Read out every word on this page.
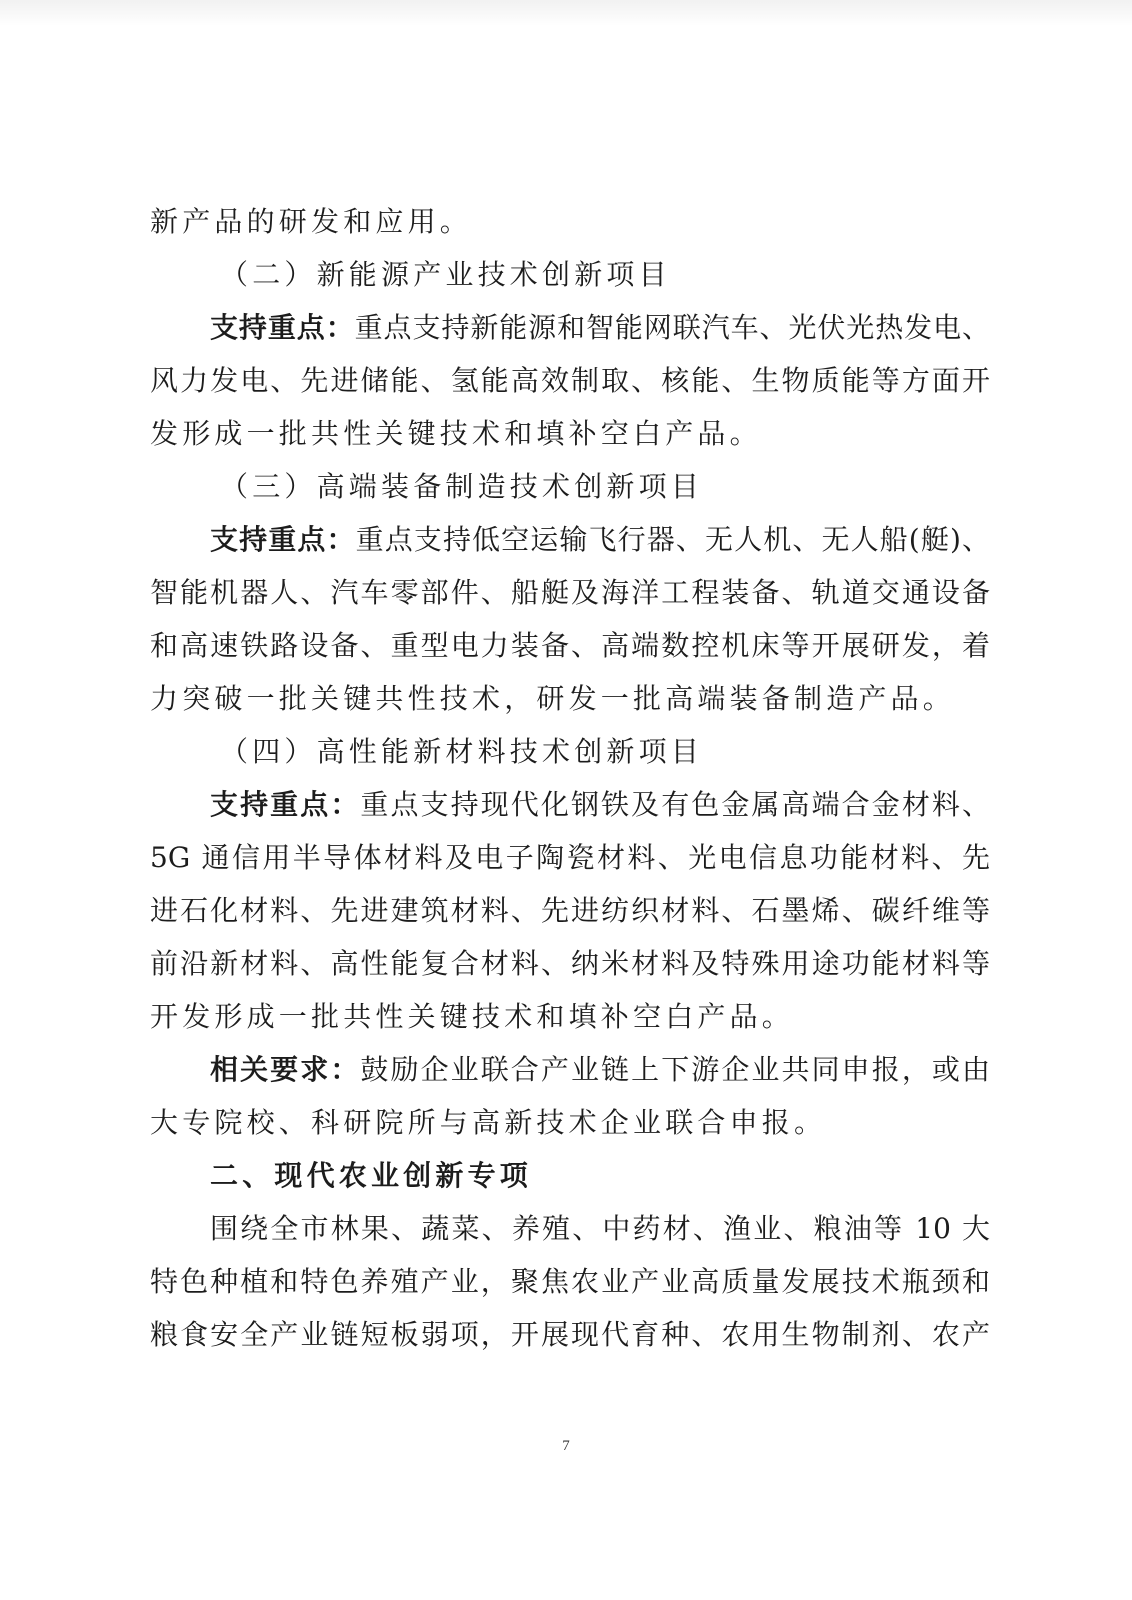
新产品的研发和应用。
（二）新能源产业技术创新项目
支持重点：重点支持新能源和智能网联汽车、光伏光热发电、
风力发电、先进储能、氢能高效制取、核能、生物质能等方面开
发形成一批共性关键技术和填补空白产品。
（三）高端装备制造技术创新项目
支持重点：重点支持低空运输飞行器、无人机、无人船(艇)、
智能机器人、汽车零部件、船艇及海洋工程装备、轨道交通设备
和高速铁路设备、重型电力装备、高端数控机床等开展研发，着
力突破一批关键共性技术，研发一批高端装备制造产品。
（四）高性能新材料技术创新项目
支持重点：重点支持现代化钢铁及有色金属高端合金材料、
5G 通信用半导体材料及电子陶瓷材料、光电信息功能材料、先
进石化材料、先进建筑材料、先进纺织材料、石墨烯、碳纤维等
前沿新材料、高性能复合材料、纳米材料及特殊用途功能材料等
开发形成一批共性关键技术和填补空白产品。
相关要求：鼓励企业联合产业链上下游企业共同申报，或由
大专院校、科研院所与高新技术企业联合申报。
二、现代农业创新专项
围绕全市林果、蔬菜、养殖、中药材、渔业、粮油等 10 大
特色种植和特色养殖产业，聚焦农业产业高质量发展技术瓶颈和
粮食安全产业链短板弱项，开展现代育种、农用生物制剂、农产
7
